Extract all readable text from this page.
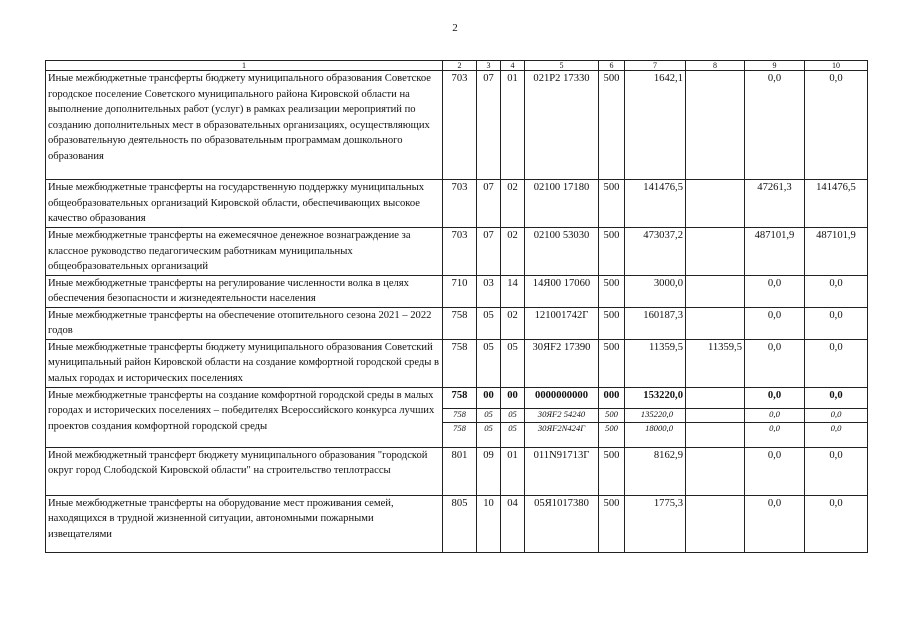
2
1	2	3	4	5	6	7	8	9	10
Иные межбюджетные трансферты бюджету муниципального образования Советское городское поселение Советского муниципального района Кировской области на выполнение дополнительных работ (услуг) в рамках реализации мероприятий по созданию дополнительных мест в образовательных организациях, осуществляющих образовательную деятельность по образовательным программам дошкольного образования	703	07	01	021P2 17330	500	1642,1		0,0	0,0
Иные межбюджетные трансферты на государственную поддержку муниципальных общеобразовательных организаций Кировской области, обеспечивающих высокое качество образования	703	07	02	02100 17180	500	141476,5		47261,3	141476,5
Иные межбюджетные трансферты на ежемесячное денежное вознаграждение за классное руководство педагогическим работникам муниципальных общеобразовательных организаций	703	07	02	02100 53030	500	473037,2		487101,9	487101,9
Иные межбюджетные трансферты на регулирование численности волка в целях обеспечения безопасности и жизнедеятельности населения	710	03	14	14Я00 17060	500	3000,0		0,0	0,0
Иные межбюджетные трансферты на обеспечение отопительного сезона 2021 – 2022 годов	758	05	02	121001742Г	500	160187,3		0,0	0,0
Иные межбюджетные трансферты бюджету муниципального образования Советский муниципальный район Кировской области на создание комфортной городской среды в малых городах и исторических поселениях	758	05	05	30ЯF2 17390	500	11359,5	11359,5	0,0	0,0
Иные межбюджетные трансферты на создание комфортной городской среды в малых городах и исторических поселениях – победителях Всероссийского конкурса лучших проектов создания комфортной городской среды	758	00	00	0000000000	000	153220,0		0,0	0,0
	758	05	05	30ЯF2 54240	500	135220,0		0,0	0,0
	758	05	05	30ЯF2N424Г	500	18000,0		0,0	0,0
Иной межбюджетный трансферт бюджету муниципального образования "городской округ город Слободской Кировской области" на строительство теплотрассы	801	09	01	011N91713Г	500	8162,9		0,0	0,0
Иные межбюджетные трансферты на оборудование мест проживания семей, находящихся в трудной жизненной ситуации, автономными пожарными извещателями	805	10	04	05Я1017380	500	1775,3		0,0	0,0
